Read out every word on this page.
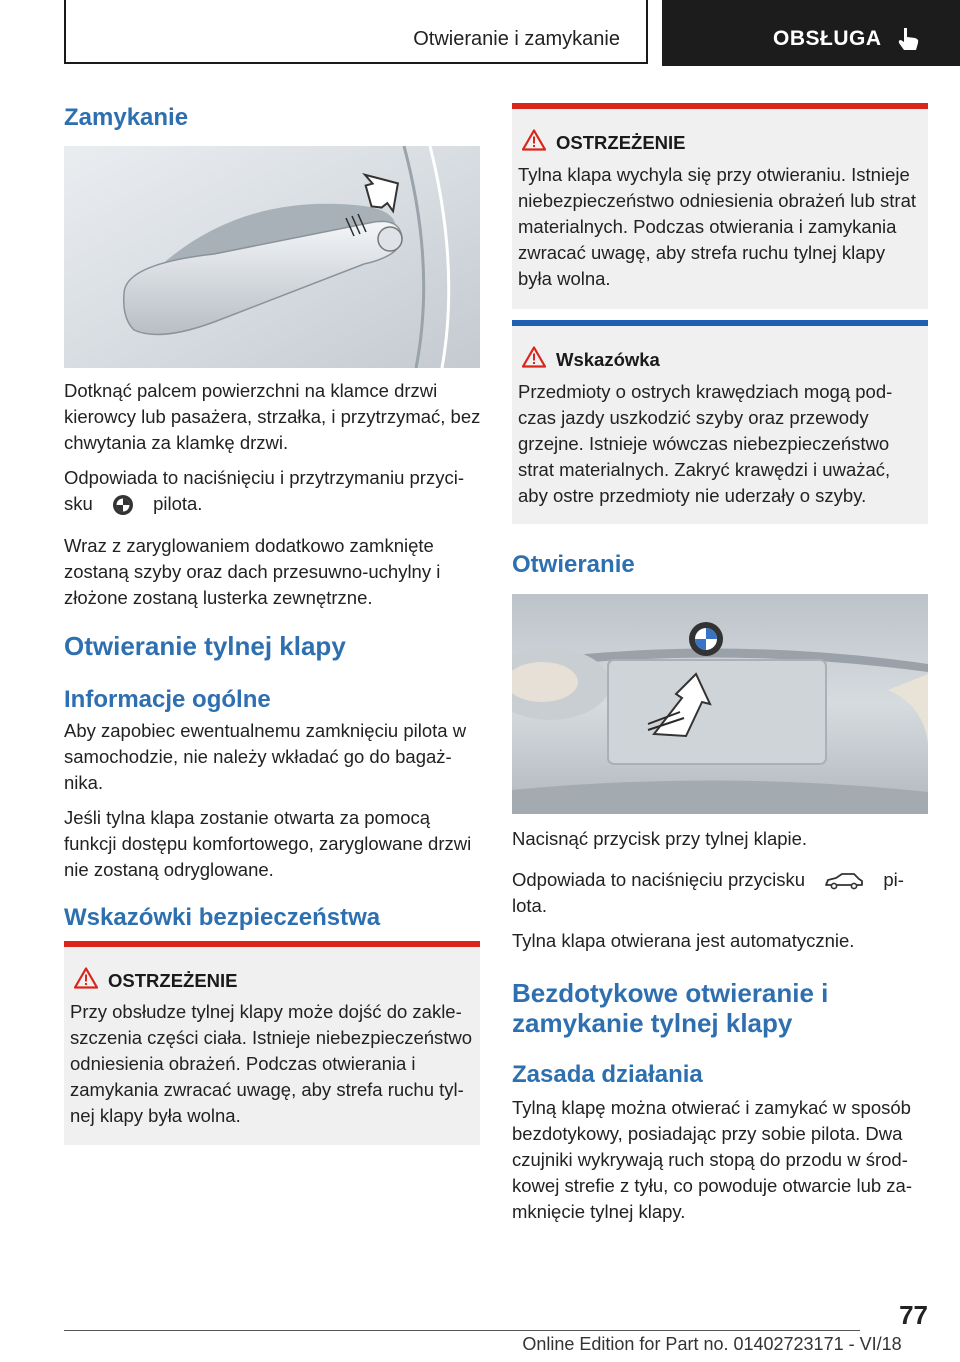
Otwieranie i zamykanie	OBSŁUGA
Zamykanie

Dotknąć palcem powierzchni na klamce drzwi kierowcy lub pasażera, strzałka, i przytrzymać, bez chwytania za klamkę drzwi.

Odpowiada to naciśnięciu i przytrzymaniu przycisku	pilota.

Wraz z zaryglowaniem dodatkowo zamknięte zostaną szyby oraz dach przesuwno-uchylny i złożone zostaną lusterka zewnętrzne.

Otwieranie tylnej klapy
Informacje ogólne

Aby zapobiec ewentualnemu zamknięciu pilota w samochodzie, nie należy wkładać go do bagażnika.

Jeśli tylna klapa zostanie otwarta za pomocą funkcji dostępu komfortowego, zaryglowane drzwi nie zostaną odryglowane.

Wskazówki bezpieczeństwa
OSTRZEŻENIE
Przy obsłudze tylnej klapy może dojść do zakleszczenia części ciała. Istnieje niebezpieczeństwo odniesienia obrażeń. Podczas otwierania i zamykania zwracać uwagę, aby strefa ruchu tylnej klapy była wolna.
OSTRZEŻENIE
Tylna klapa wychyla się przy otwieraniu. Istnieje niebezpieczeństwo odniesienia obrażeń lub strat materialnych. Podczas otwierania i zamykania zwracać uwagę, aby strefa ruchu tylnej klapy była wolna.
Wskazówka
Przedmioty o ostrych krawędziach mogą podczas jazdy uszkodzić szyby oraz przewody grzejne. Istnieje wówczas niebezpieczeństwo strat materialnych. Zakryć krawędzi i uważać, aby ostre przedmioty nie uderzały o szyby.
Otwieranie

Nacisnąć przycisk przy tylnej klapie.

Odpowiada to naciśnięciu przycisku	pilota.

Tylna klapa otwierana jest automatycznie.

Bezdotykowe otwieranie i zamykanie tylnej klapy
Zasada działania

Tylną klapę można otwierać i zamykać w sposób bezdotykowy, posiadając przy sobie pilota. Dwa czujniki wykrywają ruch stopą do przodu w środkowej strefie z tyłu, co powoduje otwarcie lub zamknięcie tylnej klapy.

77
Online Edition for Part no. 01402723171 - VI/18
